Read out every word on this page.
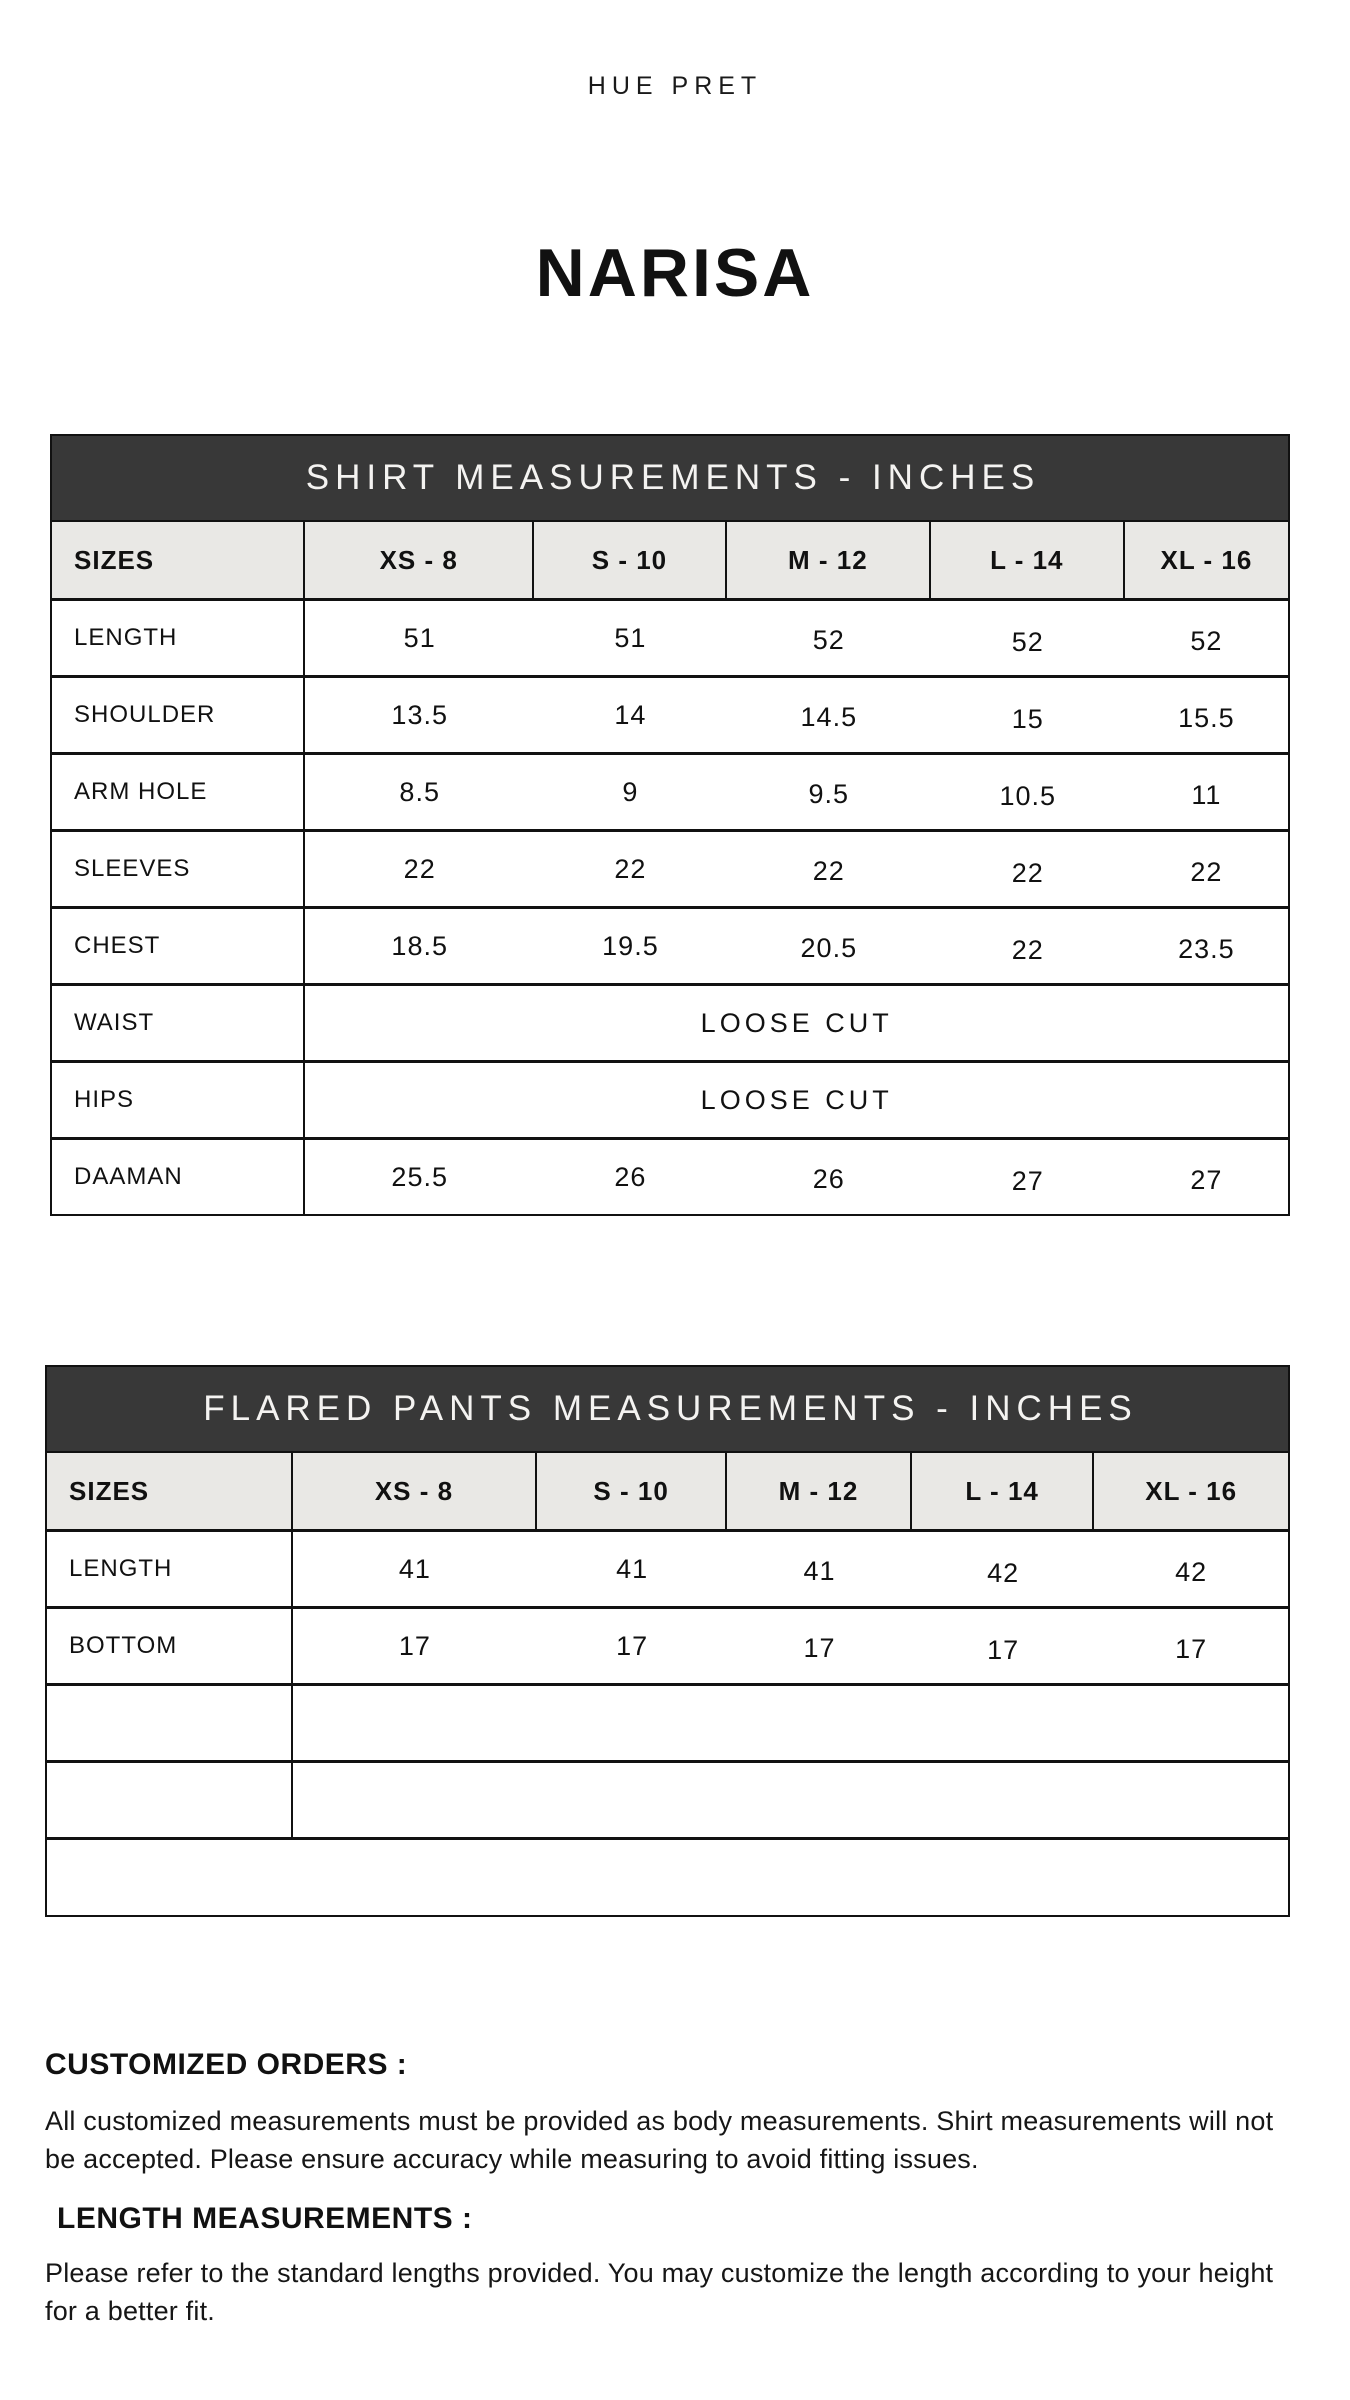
HUE PRET
NARISA
SHIRT MEASUREMENTS - INCHES
SIZES	XS - 8	S - 10	M - 12	L - 14	XL - 16
LENGTH	51	51	52	52	52
SHOULDER	13.5	14	14.5	15	15.5
ARM HOLE	8.5	9	9.5	10.5	11
SLEEVES	22	22	22	22	22
CHEST	18.5	19.5	20.5	22	23.5
WAIST	LOOSE CUT
HIPS	LOOSE CUT
DAAMAN	25.5	26	26	27	27
FLARED PANTS MEASUREMENTS - INCHES
SIZES	XS - 8	S - 10	M - 12	L - 14	XL - 16
LENGTH	41	41	41	42	42
BOTTOM	17	17	17	17	17
CUSTOMIZED ORDERS :

All customized measurements must be provided as body measurements. Shirt measurements will not be accepted. Please ensure accuracy while measuring to avoid fitting issues.

LENGTH MEASUREMENTS :

Please refer to the standard lengths provided. You may customize the length according to your height for a better fit.
